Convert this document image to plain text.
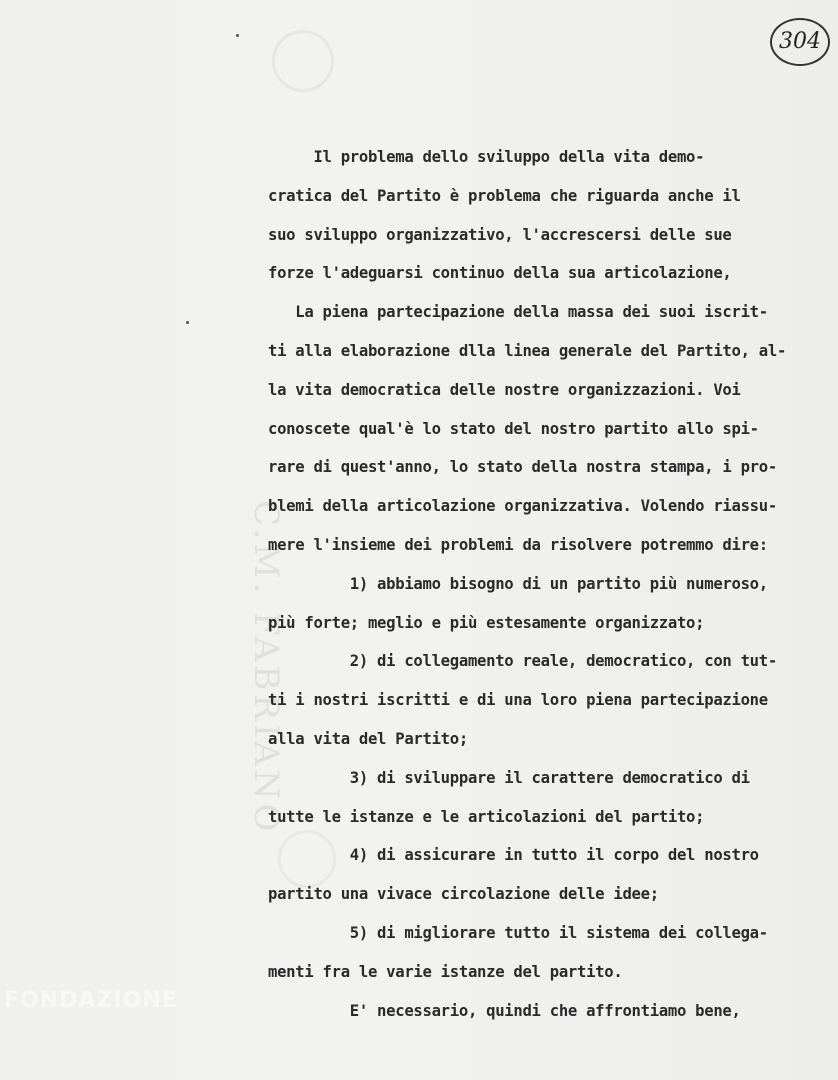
C.M. FABRIANO
FONDAZIONE
304
Il problema dello sviluppo della vita demo-
cratica del Partito è problema che riguarda anche il
suo sviluppo organizzativo, l'accrescersi delle sue
forze l'adeguarsi continuo della sua articolazione,
La piena partecipazione della massa dei suoi iscrit-
ti alla elaborazione dlla linea generale del Partito, al-
la vita democratica delle nostre organizzazioni. Voi
conoscete qual'è lo stato del nostro partito allo spi-
rare di quest'anno, lo stato della nostra stampa, i pro-
blemi della articolazione organizzativa. Volendo riassu-
mere l'insieme dei problemi da risolvere potremmo dire:
1) abbiamo bisogno di un partito più numeroso,
più forte; meglio e più estesamente organizzato;
2) di collegamento reale, democratico, con tut-
ti i nostri iscritti e di una loro piena partecipazione
alla vita del Partito;
3) di sviluppare il carattere democratico di
tutte le istanze e le articolazioni del partito;
4) di assicurare in tutto il corpo del nostro
partito una vivace circolazione delle idee;
5) di migliorare tutto il sistema dei collega-
menti fra le varie istanze del partito.
E' necessario, quindi che affrontiamo bene,
